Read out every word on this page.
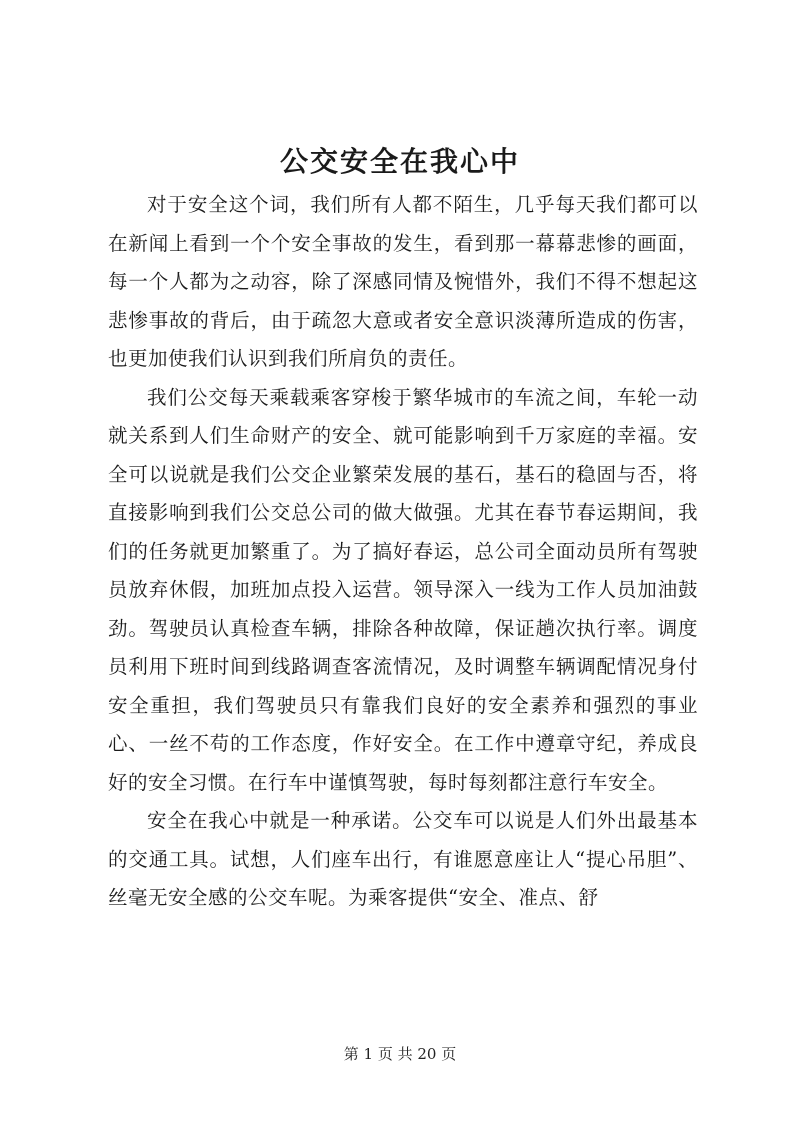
公交安全在我心中

对于安全这个词，我们所有人都不陌生，几乎每天我们都可以在新闻上看到一个个安全事故的发生，看到那一幕幕悲惨的画面，每一个人都为之动容，除了深感同情及惋惜外，我们不得不想起这悲惨事故的背后，由于疏忽大意或者安全意识淡薄所造成的伤害，也更加使我们认识到我们所肩负的责任。

我们公交每天乘载乘客穿梭于繁华城市的车流之间，车轮一动就关系到人们生命财产的安全、就可能影响到千万家庭的幸福。安全可以说就是我们公交企业繁荣发展的基石，基石的稳固与否，将直接影响到我们公交总公司的做大做强。尤其在春节春运期间，我们的任务就更加繁重了。为了搞好春运，总公司全面动员所有驾驶员放弃休假，加班加点投入运营。领导深入一线为工作人员加油鼓劲。驾驶员认真检查车辆，排除各种故障，保证趟次执行率。调度员利用下班时间到线路调查客流情况，及时调整车辆调配情况身付安全重担，我们驾驶员只有靠我们良好的安全素养和强烈的事业心、一丝不苟的工作态度，作好安全。在工作中遵章守纪，养成良好的安全习惯。在行车中谨慎驾驶，每时每刻都注意行车安全。

安全在我心中就是一种承诺。公交车可以说是人们外出最基本的交通工具。试想，人们座车出行，有谁愿意座让人“提心吊胆”、丝毫无安全感的公交车呢。为乘客提供“安全、准点、舒

第 1 页 共 20 页
